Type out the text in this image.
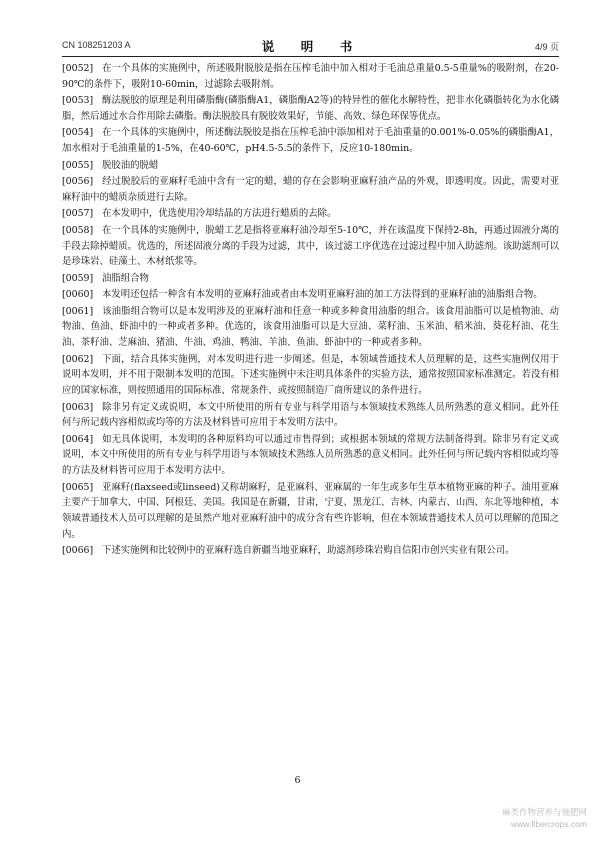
CN 108251203 A	说　明　书	4/9 页
[0052] 在一个具体的实施例中，所述吸附脱胶是指在压榨毛油中加入相对于毛油总重量0.5-5重量%的吸附剂，在20-90℃的条件下，吸附10-60min，过滤除去吸附剂。
[0053] 酶法脱胶的原理是利用磷脂酶(磷脂酶A1，磷脂酶A2等)的特异性的催化水解特性，把非水化磷脂转化为水化磷脂，然后通过水合作用除去磷脂。酶法脱胶具有脱胶效果好，节能、高效、绿色环保等优点。
[0054] 在一个具体的实施例中，所述酶法脱胶是指在压榨毛油中添加相对于毛油重量的0.001%-0.05%的磷脂酶A1，加水相对于毛油重量的1-5%，在40-60℃，pH4.5-5.5的条件下，反应10-180min。
[0055] 脱胶油的脱蜡
[0056] 经过脱胶后的亚麻籽毛油中含有一定的蜡，蜡的存在会影响亚麻籽油产品的外观，即透明度。因此，需要对亚麻籽油中的蜡质杂质进行去除。
[0057] 在本发明中，优选使用冷却结晶的方法进行蜡质的去除。
[0058] 在一个具体的实施例中，脱蜡工艺是指将亚麻籽油冷却至5-10℃，并在该温度下保持2-8h，再通过固液分离的手段去除掉蜡质。优选的，所述固液分离的手段为过滤，其中，该过滤工序优选在过滤过程中加入助滤剂。该助滤剂可以是珍珠岩、硅藻土、木材纸浆等。
[0059] 油脂组合物
[0060] 本发明还包括一种含有本发明的亚麻籽油或者由本发明亚麻籽油的加工方法得到的亚麻籽油的油脂组合物。
[0061] 该油脂组合物可以是本发明涉及的亚麻籽油和任意一种或多种食用油脂的组合。该食用油脂可以是植物油、动物油、鱼油、虾油中的一种或者多种。优选的，该食用油脂可以是大豆油、菜籽油、玉米油、稻米油、葵花籽油、花生油、茶籽油、芝麻油、猪油、牛油、鸡油、鸭油、羊油、鱼油、虾油中的一种或者多种。
[0062] 下面，结合具体实施例，对本发明进行进一步阐述。但是，本领域普通技术人员理解的是，这些实施例仅用于说明本发明，并不用于限制本发明的范围。下述实施例中未注明具体条件的实验方法，通常按照国家标准测定。若没有相应的国家标准，则按照通用的国际标准、常规条件、或按照制造厂商所建议的条件进行。
[0063] 除非另有定义或说明，本文中所使用的所有专业与科学用语与本领域技术熟练人员所熟悉的意义相同。此外任何与所记载内容相似或均等的方法及材料皆可应用于本发明方法中。
[0064] 如无具体说明，本发明的各种原料均可以通过市售得到；或根据本领域的常规方法制备得到。除非另有定义或说明，本文中所使用的所有专业与科学用语与本领域技术熟练人员所熟悉的意义相同。此外任何与所记载内容相似或均等的方法及材料皆可应用于本发明方法中。
[0065] 亚麻籽(flaxseed或linseed)又称胡麻籽，是亚麻科、亚麻属的一年生或多年生草本植物亚麻的种子。油用亚麻主要产于加拿大、中国、阿根廷、美国。我国是在新疆，甘肃，宁夏、黑龙江、吉林、内蒙古、山西、东北等地种植，本领域普通技术人员可以理解的是虽然产地对亚麻籽油中的成分含有些许影响，但在本领域普通技术人员可以理解的范围之内。
[0066] 下述实施例和比较例中的亚麻籽选自新疆当地亚麻籽，助滤剂珍珠岩购自信阳市创兴实业有限公司。
6
麻类作物营养与施肥网
www.fibercrops.com
